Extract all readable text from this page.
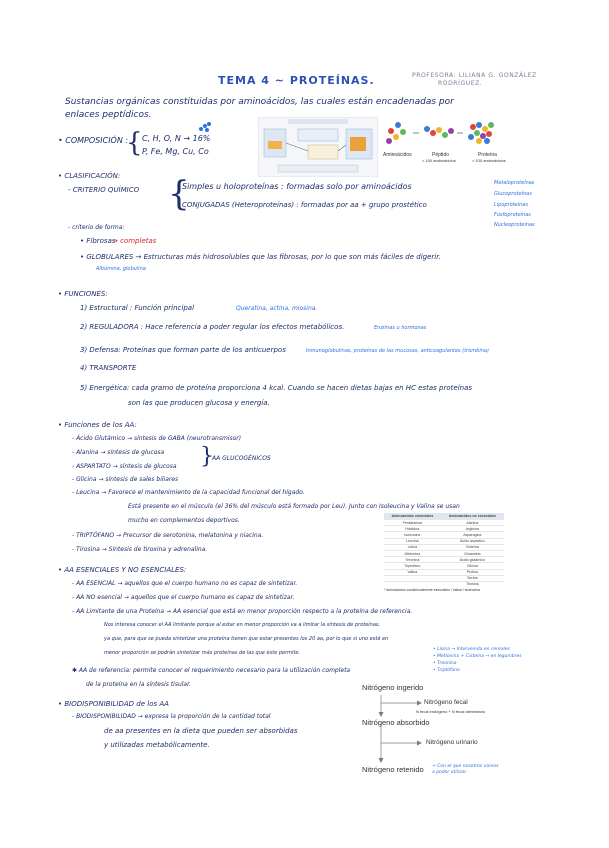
TEMA 4 ~ PROTEÍNAS.	PROFESORA: LILIANA G. GONZÁLEZ
RODRÍGUEZ.
Sustancias orgánicas constituidas por aminoácidos, las cuales están encadenadas por
enlaces peptídicos.
• COMPOSICIÓN :
{ C, H, O, N → 16%
P, Fe, Mg, Cu, Co	Aminoácidos	Péptido
< 100 aminoácidos
Proteína
> 100 aminoácidos
• CLASIFICACIÓN:
- CRITERIO QUÍMICO {
Simples u holoproteínas : formadas solo por aminoácidos
CONJUGADAS (Heteroproteínas) : formadas por aa + grupo prostético
Metaloproteínas
Glucoproteínas
Lipoproteínas
Fosfoproteínas
Nucleoproteínas
- criterio de forma:
• Fibrosas
→ completas
• GLOBULARES → Estructuras más hidrosolubles que las fibrosas, por lo que son más fáciles de digerir.
Albúmina, globulina
• FUNCIONES:
1) Estructural : Función principal	Queratina, actina, miosina.
2) REGULADORA : Hace referencia a poder regular los efectos metabólicos.	Enzimas u hormonas
3) Defensa: Proteínas que forman parte de los anticuerpos	Inmunoglobulinas, proteínas de las mucosas, anticoagulantes (trombina)
4) TRANSPORTE
5) Energética: cada gramo de proteína proporciona 4 kcal. Cuando se hacen dietas bajas en HC estas proteínas
son las que producen glucosa y energía.
• Funciones de los AA:
- Ácido Glutámico → síntesis de GABA (neurotransmisor)
- Alanina → síntesis de glucosa
- ASPARTATO → síntesis de glucosa }
AA GLUCOGÉNICOS
- Glicina → síntesis de sales biliares
- Leucina → Favorece el mantenimiento de la capacidad funcional del hígado.
Está presente en el músculo (el 36% del músculo está formado por Leu). Junto con Isoleucina y Valina se usan
mucho en complementos deportivos.
- TRIPTÓFANO → Precursor de serotonina, melatonina y niacina.
- Tirosina → Síntesis de tiroxina y adrenalina.
Aminoácidos esenciales	Aminoácidos no esenciales
Fenilalanina	Alanina
Histidina	Arginina
Isoleucina	Asparagina
Leucina	Ácido aspártico
Lisina	Cisteína
Metionina	Glutamina
Treonina	Ácido glutámico
Triptófano	Glicina
Valina	Prolina
	Serina
	Tirosina
* Aminoácidos condicionalmente esenciales / Valina / Isoleucina
• AA ESENCIALES Y NO ESENCIALES:
- AA ESENCIAL → aquellos que el cuerpo humano no es capaz de sintetizar.
- AA NO esencial → aquellos que el cuerpo humano es capaz de sintetizar.
- AA Limitante de una Proteína → AA esencial que está en menor proporción respecto a la proteína de referencia.
Nos interesa conocer el AA limitante porque al estar en menor proporción va a limitar la síntesis de proteínas,
ya que, para que se pueda sintetizar una proteína tienen que estar presentes los 20 aa, por lo que si uno está en
menor proporción se podrán sintetizar más proteínas de las que éste permite.
• Lisina → Intervenida en cereales
• Metionina + Cisteína → en legumbres
• Treonina
• Triptófano
✱ AA de referencia: permite conocer el requerimiento necesario para la utilización completa
de la proteína en la síntesis tisular.
• BIODISPONIBILIDAD de los AA
- BIODISPONIBILIDAD → expresa la proporción de la cantidad total
de aa presentes en la dieta que pueden ser absorbidas
y utilizadas metabólicamente.
Nitrógeno ingerido
Nitrógeno fecal
N fecal endógeno + N fecal alimentario
Nitrógeno absorbido
Nitrógeno urinario
Nitrógeno retenido → Con el que nosotros vamos a poder utilizar.
